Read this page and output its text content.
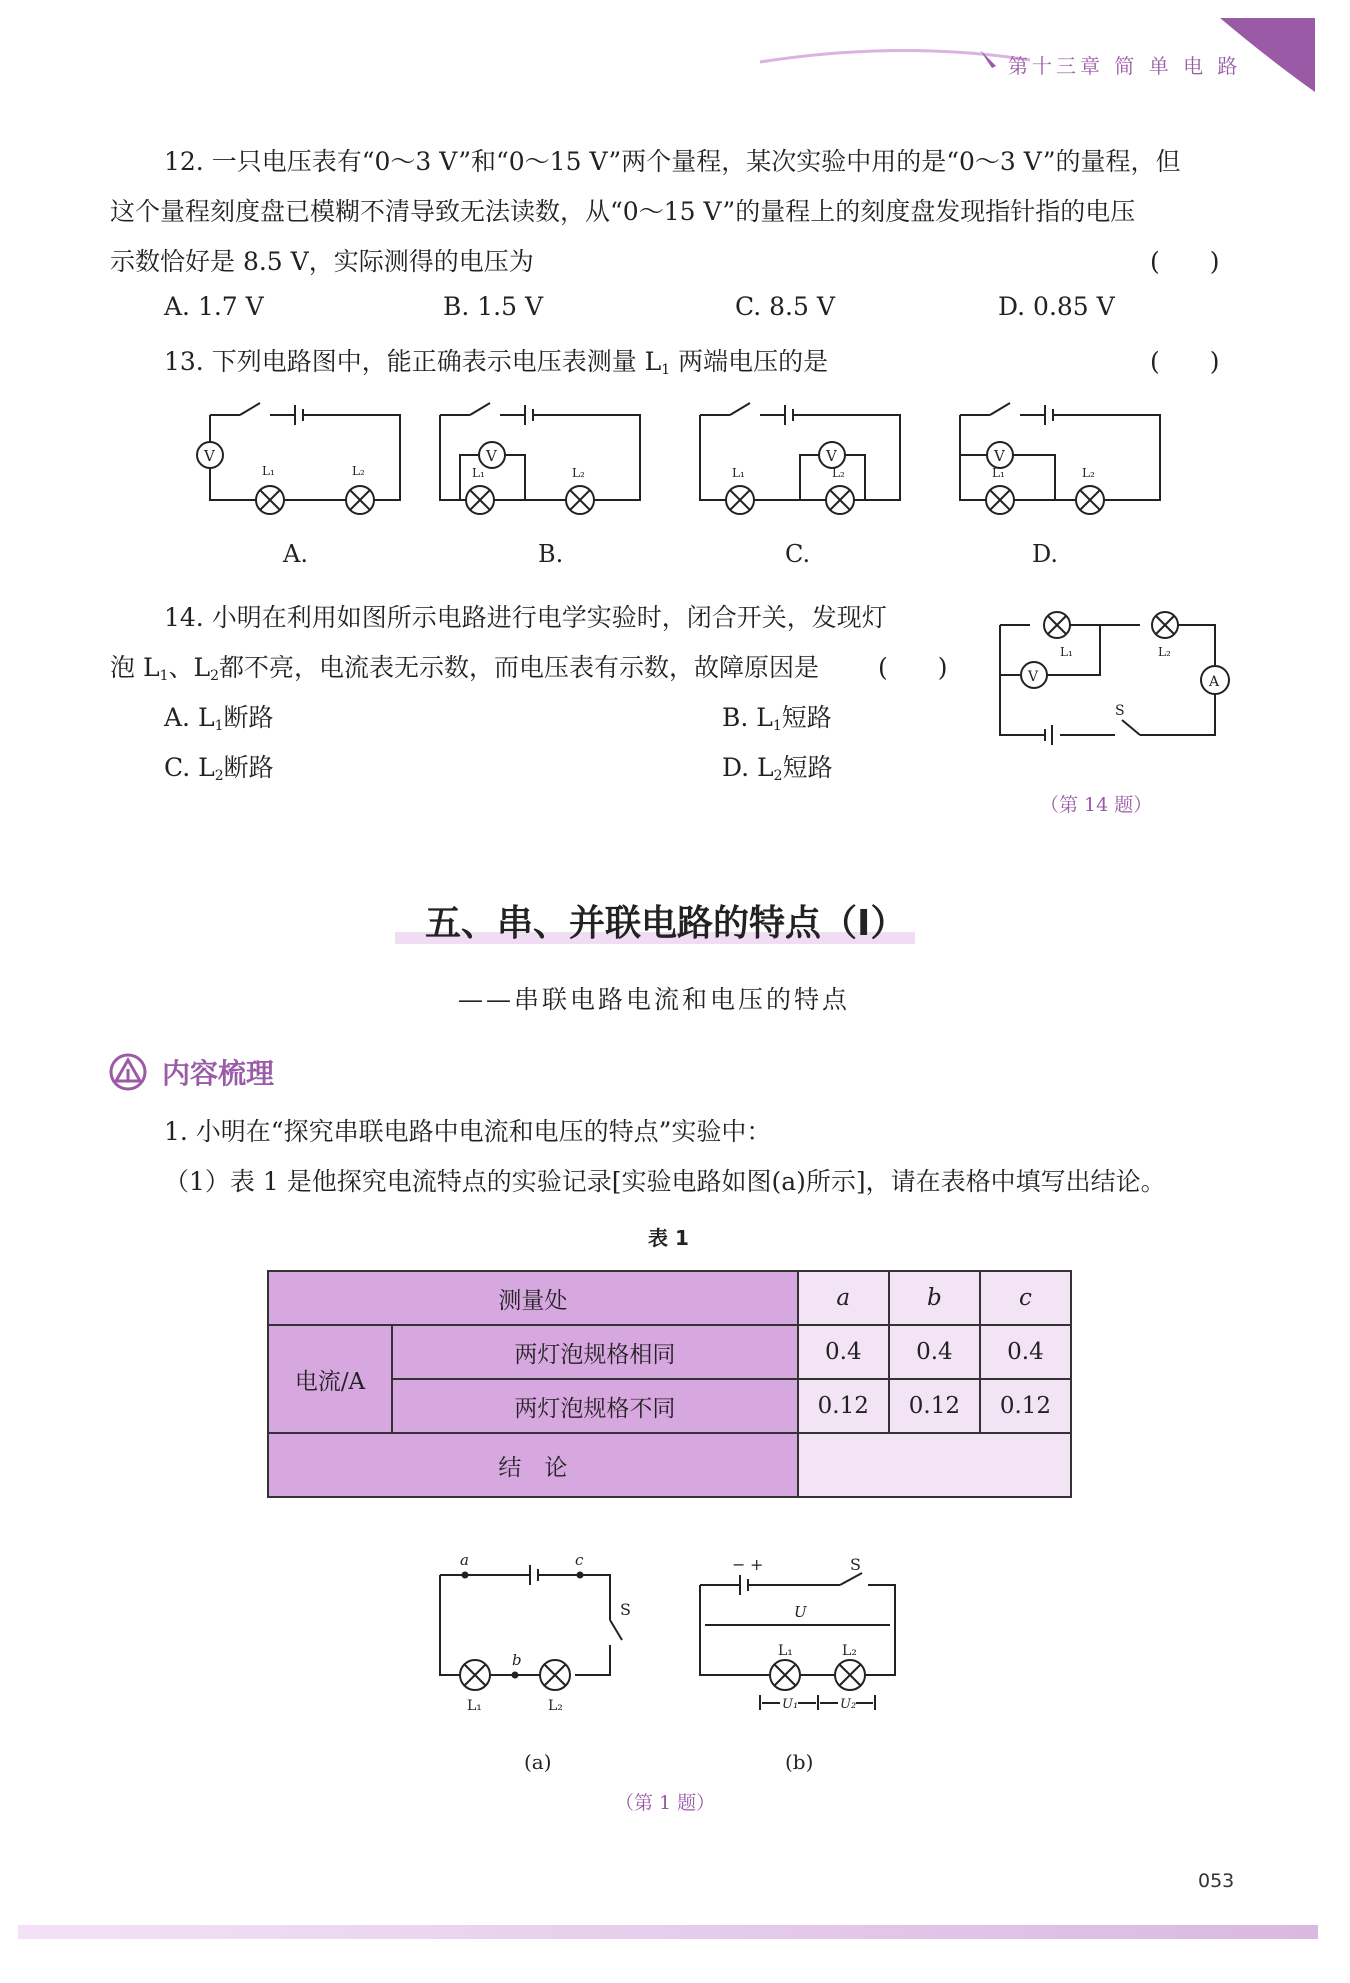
第十三章 简 单 电 路
12. 一只电压表有“0～3 V”和“0～15 V”两个量程，某次实验中用的是“0～3 V”的量程，但
这个量程刻度盘已模糊不清导致无法读数，从“0～15 V”的量程上的刻度盘发现指针指的电压
示数恰好是 8.5 V，实际测得的电压为	(　　)
A. 1.7 V	B. 1.5 V	C. 8.5 V	D. 0.85 V
13. 下列电路图中，能正确表示电压表测量 $L_1$ 两端电压的是	(　　)
V
L₁	L₂
V
L₁	L₂
V
L₁	L₂
V
L₁	L₂
A.	B.	C.	D.
14. 小明在利用如图所示电路进行电学实验时，闭合开关，发现灯
泡 $L_1$、$L_2$都不亮，电流表无示数，而电压表有示数，故障原因是 (　　)
A. $L_1$断路	B. $L_1$短路
C. $L_2$断路	D. $L_2$短路
V	A
L₁	L₂
S
（第 14 题）
五、串、并联电路的特点（Ⅰ）
——串联电路电流和电压的特点
内容梳理
1. 小明在“探究串联电路中电流和电压的特点”实验中：
（1）表 1 是他探究电流特点的实验记录[实验电路如图(a)所示]，请在表格中填写出结论。
表 1
测量处		a	b	c
电流/A	两灯泡规格相同	0.4	0.4	0.4
	两灯泡规格不同	0.12	0.12	0.12
结　论				
a	c
b
S
L₁	L₂
− +	S
U
L₁	L₂
U₁	U₂
(a)	(b)
（第 1 题）
053
